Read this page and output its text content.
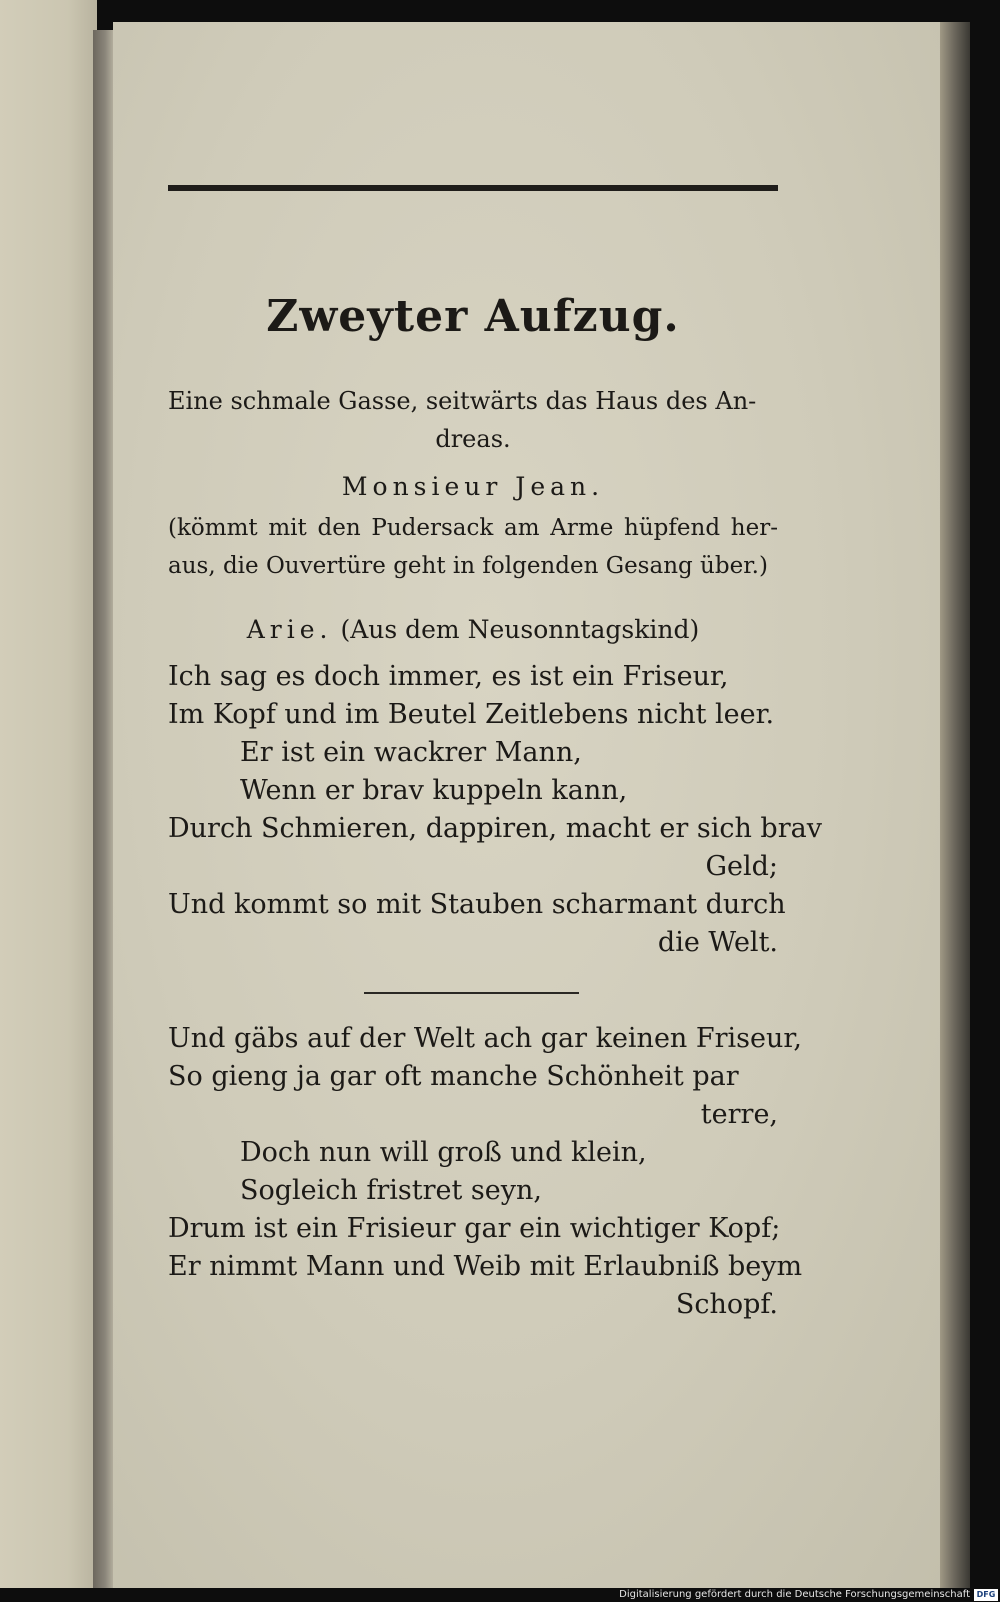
Zweyter Aufzug.

Eine schmale Gasse, seitwärts das Haus des An-

dreas.

Monsieur Jean.

(kömmt mit den Pudersack am Arme hüpfend her-aus, die Ouvertüre geht in folgenden Gesang über.)

Arie. (Aus dem Neusonntagskind)
Ich sag es doch immer, es ist ein Friseur,
Im Kopf und im Beutel Zeitlebens nicht leer.
Er ist ein wackrer Mann,
Wenn er brav kuppeln kann,
Durch Schmieren, dappiren, macht er sich brav
Geld;
Und kommt so mit Stauben scharmant durch
die Welt.
Und gäbs auf der Welt ach gar keinen Friseur,
So gieng ja gar oft manche Schönheit par
terre,
Doch nun will groß und klein,
Sogleich fristret seyn,
Drum ist ein Frisieur gar ein wichtiger Kopf;
Er nimmt Mann und Weib mit Erlaubniß beym
Schopf.
Digitalisierung gefördert durch die Deutsche Forschungsgemeinschaft DFG
